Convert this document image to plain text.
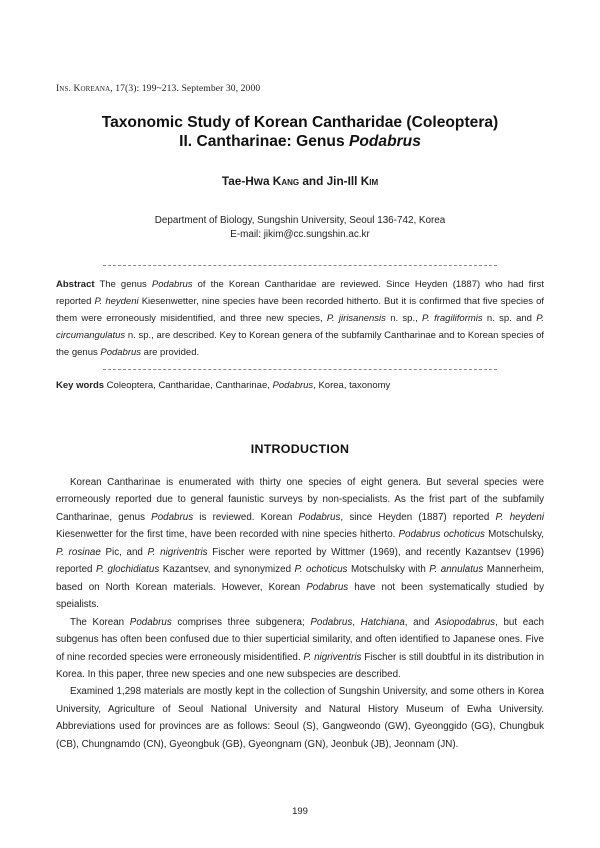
Ins. Koreana, 17(3): 199~213. September 30, 2000
Taxonomic Study of Korean Cantharidae (Coleoptera)
II. Cantharinae: Genus Podabrus
Tae-Hwa Kang and Jin-Ill Kim
Department of Biology, Sungshin University, Seoul 136-742, Korea
E-mail: jikim@cc.sungshin.ac.kr
Abstract The genus Podabrus of the Korean Cantharidae are reviewed. Since Heyden (1887) who had first reported P. heydeni Kiesenwetter, nine species have been recorded hitherto. But it is confirmed that five species of them were erroneously misidentified, and three new species, P. jirisanensis n. sp., P. fragiliformis n. sp. and P. circumangulatus n. sp., are described. Key to Korean genera of the subfamily Cantharinae and to Korean species of the genus Podabrus are provided.
Key words Coleoptera, Cantharidae, Cantharinae, Podabrus, Korea, taxonomy
INTRODUCTION

Korean Cantharinae is enumerated with thirty one species of eight genera. But several species were errorneously reported due to general faunistic surveys by non-specialists. As the frist part of the subfamily Cantharinae, genus Podabrus is reviewed. Korean Podabrus, since Heyden (1887) reported P. heydeni Kiesenwetter for the first time, have been recorded with nine species hitherto. Podabrus ochoticus Motschulsky, P. rosinae Pic, and P. nigriventris Fischer were reported by Wittmer (1969), and recently Kazantsev (1996) reported P. glochidiatus Kazantsev, and synonymized P. ochoticus Motschulsky with P. annulatus Mannerheim, based on North Korean materials. However, Korean Podabrus have not been systematically studied by speialists.

The Korean Podabrus comprises three subgenera; Podabrus, Hatchiana, and Asiopodabrus, but each subgenus has often been confused due to thier superticial similarity, and often identified to Japanese ones. Five of nine recorded species were erroneously misidentified. P. nigriventris Fischer is still doubtful in its distribution in Korea. In this paper, three new species and one new subspecies are described.

Examined 1,298 materials are mostly kept in the collection of Sungshin University, and some others in Korea University, Agriculture of Seoul National University and Natural History Museum of Ewha University. Abbreviations used for provinces are as follows: Seoul (S), Gangweondo (GW), Gyeonggido (GG), Chungbuk (CB), Chungnamdo (CN), Gyeongbuk (GB), Gyeongnam (GN), Jeonbuk (JB), Jeonnam (JN).

199
